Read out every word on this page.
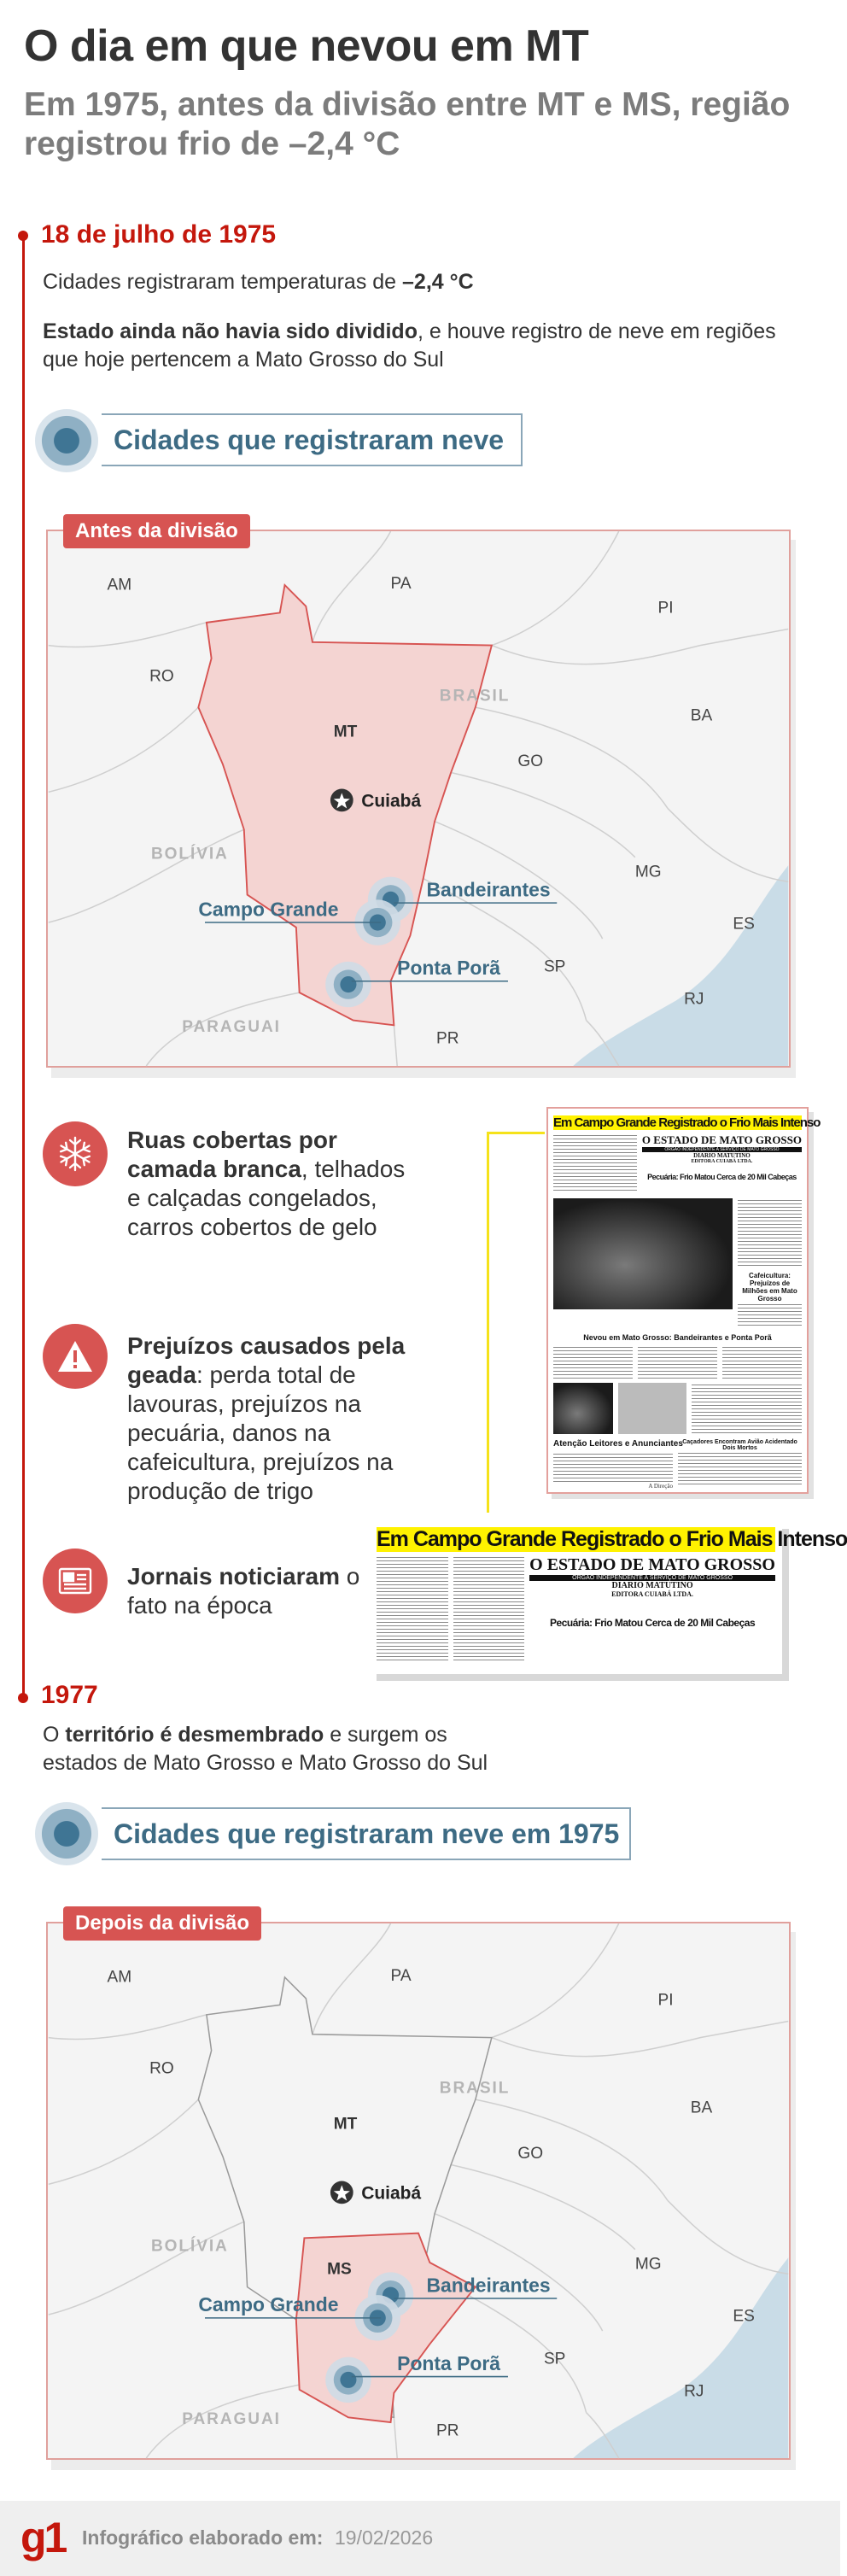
O dia em que nevou em MT
Em 1975, antes da divisão entre MT e MS, região registrou frio de –2,4 °C
18 de julho de 1975
Cidades registraram temperaturas de –2,4 °C
Estado ainda não havia sido dividido, e houve registro de neve em regiões que hoje pertencem a Mato Grosso do Sul
Cidades que registraram neve
AM	PA
PI
RO
BA
GO
MG
ES
SP
RJ
PR
MT
BRASIL
BOLÍVIA
PARAGUAI
Cuiabá
Bandeirantes
Campo Grande
Ponta Porã
Antes da divisão
Ruas cobertas por camada branca, telhados e calçadas congelados, carros cobertos de gelo
Prejuízos causados pela geada: perda total de lavouras, prejuízos na pecuária, danos na cafeicultura, prejuízos na produção de trigo
Jornais noticiaram o fato na época
Em Campo Grande Registrado o Frio Mais Intenso
O ESTADO DE MATO GROSSO
ÓRGÃO INDEPENDENTE A SERVIÇO DE MATO GROSSO
DIARIO MATUTINO
EDITORA CUIABÁ LTDA.
Pecuária: Frio Matou Cerca de 20 Mil Cabeças
Cafeicultura: Prejuízos de Milhões em Mato Grosso
Nevou em Mato Grosso: Bandeirantes e Ponta Porã
Atenção Leitores e Anunciantes
A Direção
Caçadores Encontram Avião Acidentado Dois Mortos
Em Campo Grande Registrado o Frio Mais Intenso
O ESTADO DE MATO GROSSO
ÓRGÃO INDEPENDENTE A SERVIÇO DE MATO GROSSO
DIARIO MATUTINO
EDITORA CUIABÁ LTDA.
Pecuária: Frio Matou Cerca de 20 Mil Cabeças
1977
O território é desmembrado e surgem os estados de Mato Grosso e Mato Grosso do Sul
Cidades que registraram neve em 1975
AM	PA
PI
RO
BA
GO
MG
ES
SP
RJ
PR
MT
MS
BRASIL
BOLÍVIA
PARAGUAI
Cuiabá
Bandeirantes
Campo Grande
Ponta Porã
Depois da divisão
g1 Infográfico elaborado em: 19/02/2026
